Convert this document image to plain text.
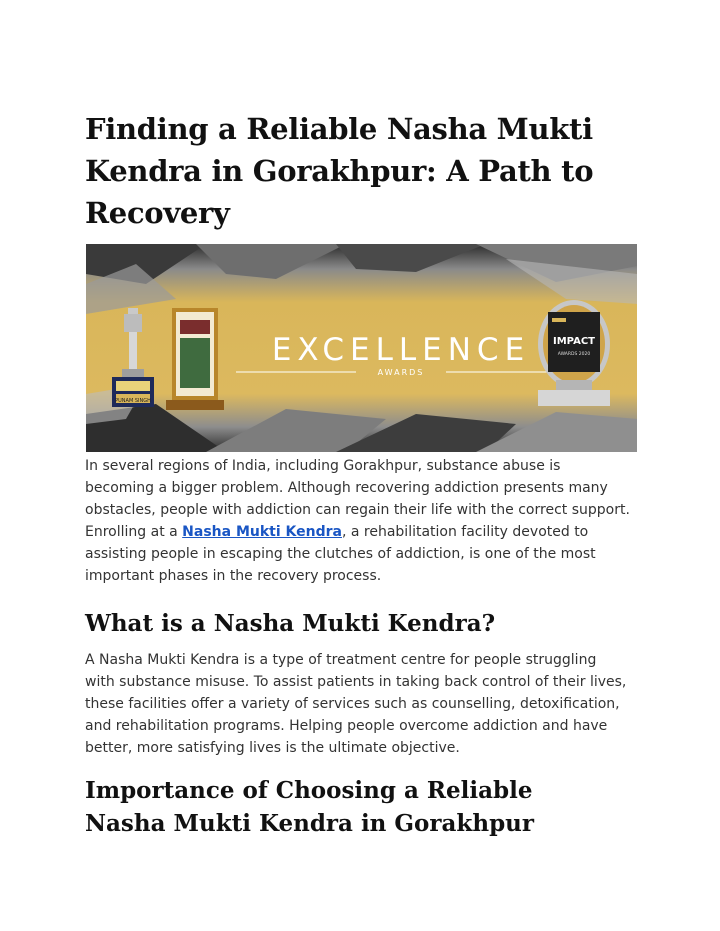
Finding a Reliable Nasha Mukti Kendra in Gorakhpur: A Path to Recovery
PUNAM SINGH
EXCELLENCE
AWARDS
IMPACT
AWARDS 2020

In several regions of India, including Gorakhpur, substance abuse is becoming a bigger problem. Although recovering addiction presents many obstacles, people with addiction can regain their life with the correct support. Enrolling at a Nasha Mukti Kendra, a rehabilitation facility devoted to assisting people in escaping the clutches of addiction, is one of the most important phases in the recovery process.

What is a Nasha Mukti Kendra?

A Nasha Mukti Kendra is a type of treatment centre for people struggling with substance misuse. To assist patients in taking back control of their lives, these facilities offer a variety of services such as counselling, detoxification, and rehabilitation programs. Helping people overcome addiction and have better, more satisfying lives is the ultimate objective.

Importance of Choosing a Reliable Nasha Mukti Kendra in Gorakhpur
